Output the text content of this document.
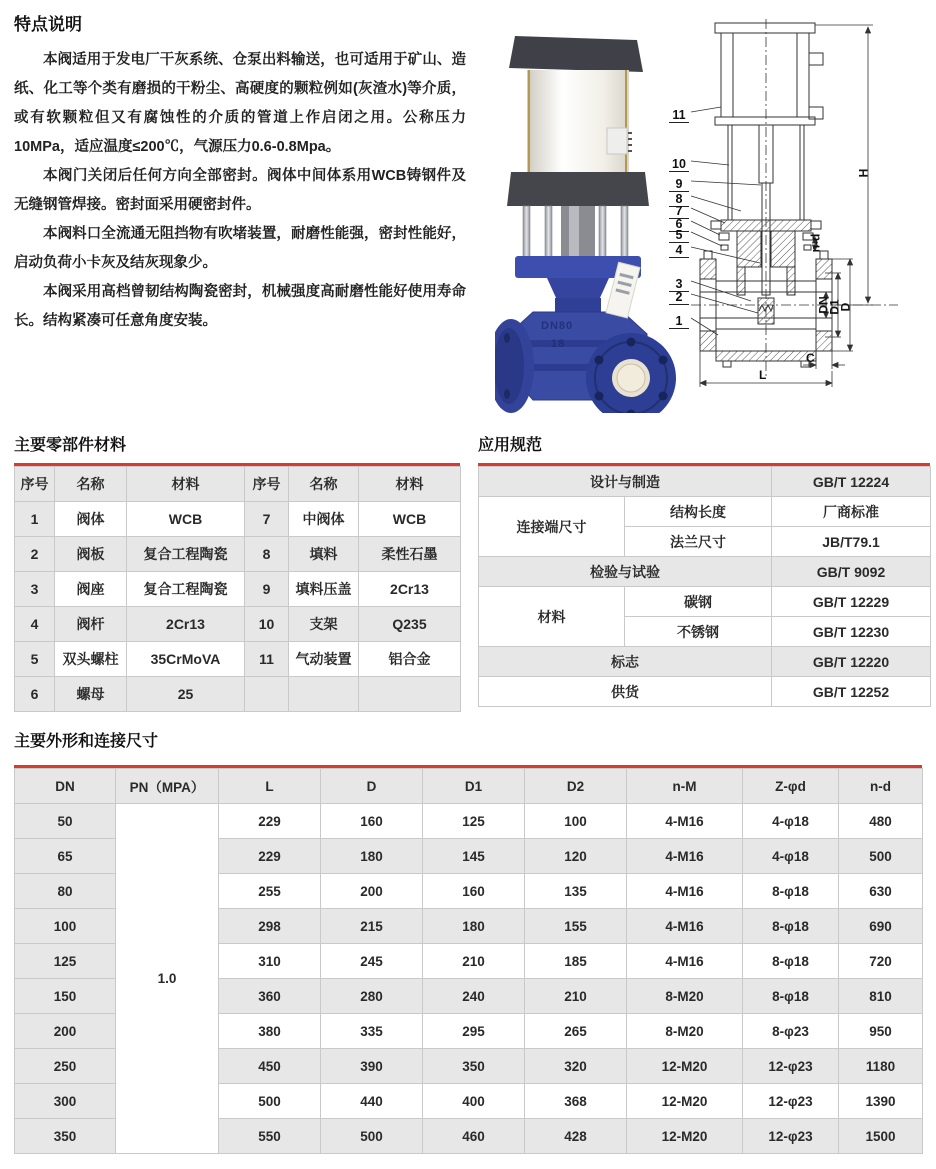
特点说明

本阀适用于发电厂干灰系统、仓泵出料输送，也可适用于矿山、造纸、化工等个类有磨损的干粉尘、高硬度的颗粒例如(灰渣水)等介质，或有软颗粒但又有腐蚀性的介质的管道上作启闭之用。公称压力10MPa，适应温度≤200℃，气源压力0.6-0.8Mpa。

本阀门关闭后任何方向全部密封。阀体中间体系用WCB铸钢件及无缝钢管焊接。密封面采用硬密封件。

本阀料口全流通无阻挡物有吹堵装置，耐磨性能强，密封性能好，启动负荷小卡灰及结灰现象少。

本阀采用高档曾韧结构陶瓷密封，机械强度高耐磨性能好使用寿命长。结构紧凑可任意角度安装。	DN80
18
11
10
9
8
7
6
5
4
3
2
1
H
n-d
DN
D1
D
C
L
主要零部件材料
序号	名称	材料	序号	名称	材料
1	阀体	WCB	7	中阀体	WCB
2	阀板	复合工程陶瓷	8	填料	柔性石墨
3	阀座	复合工程陶瓷	9	填料压盖	2Cr13
4	阀杆	2Cr13	10	支架	Q235
5	双头螺柱	35CrMoVA	11	气动装置	铝合金
6	螺母	25			
应用规范
设计与制造		GB/T 12224
连接端尺寸	结构长度	厂商标准
	法兰尺寸	JB/T79.1
检验与试验		GB/T 9092
材料	碳钢	GB/T 12229
	不锈钢	GB/T 12230
标志		GB/T 12220
供货		GB/T 12252
主要外形和连接尺寸
DN	PN（MPA）	L	D	D1	D2	n-M	Z-φd	n-d
50	1.0	229	160	125	100	4-M16	4-φ18	480
65		229	180	145	120	4-M16	4-φ18	500
80		255	200	160	135	4-M16	8-φ18	630
100		298	215	180	155	4-M16	8-φ18	690
125		310	245	210	185	4-M16	8-φ18	720
150		360	280	240	210	8-M20	8-φ18	810
200		380	335	295	265	8-M20	8-φ23	950
250		450	390	350	320	12-M20	12-φ23	1180
300		500	440	400	368	12-M20	12-φ23	1390
350		550	500	460	428	12-M20	12-φ23	1500
